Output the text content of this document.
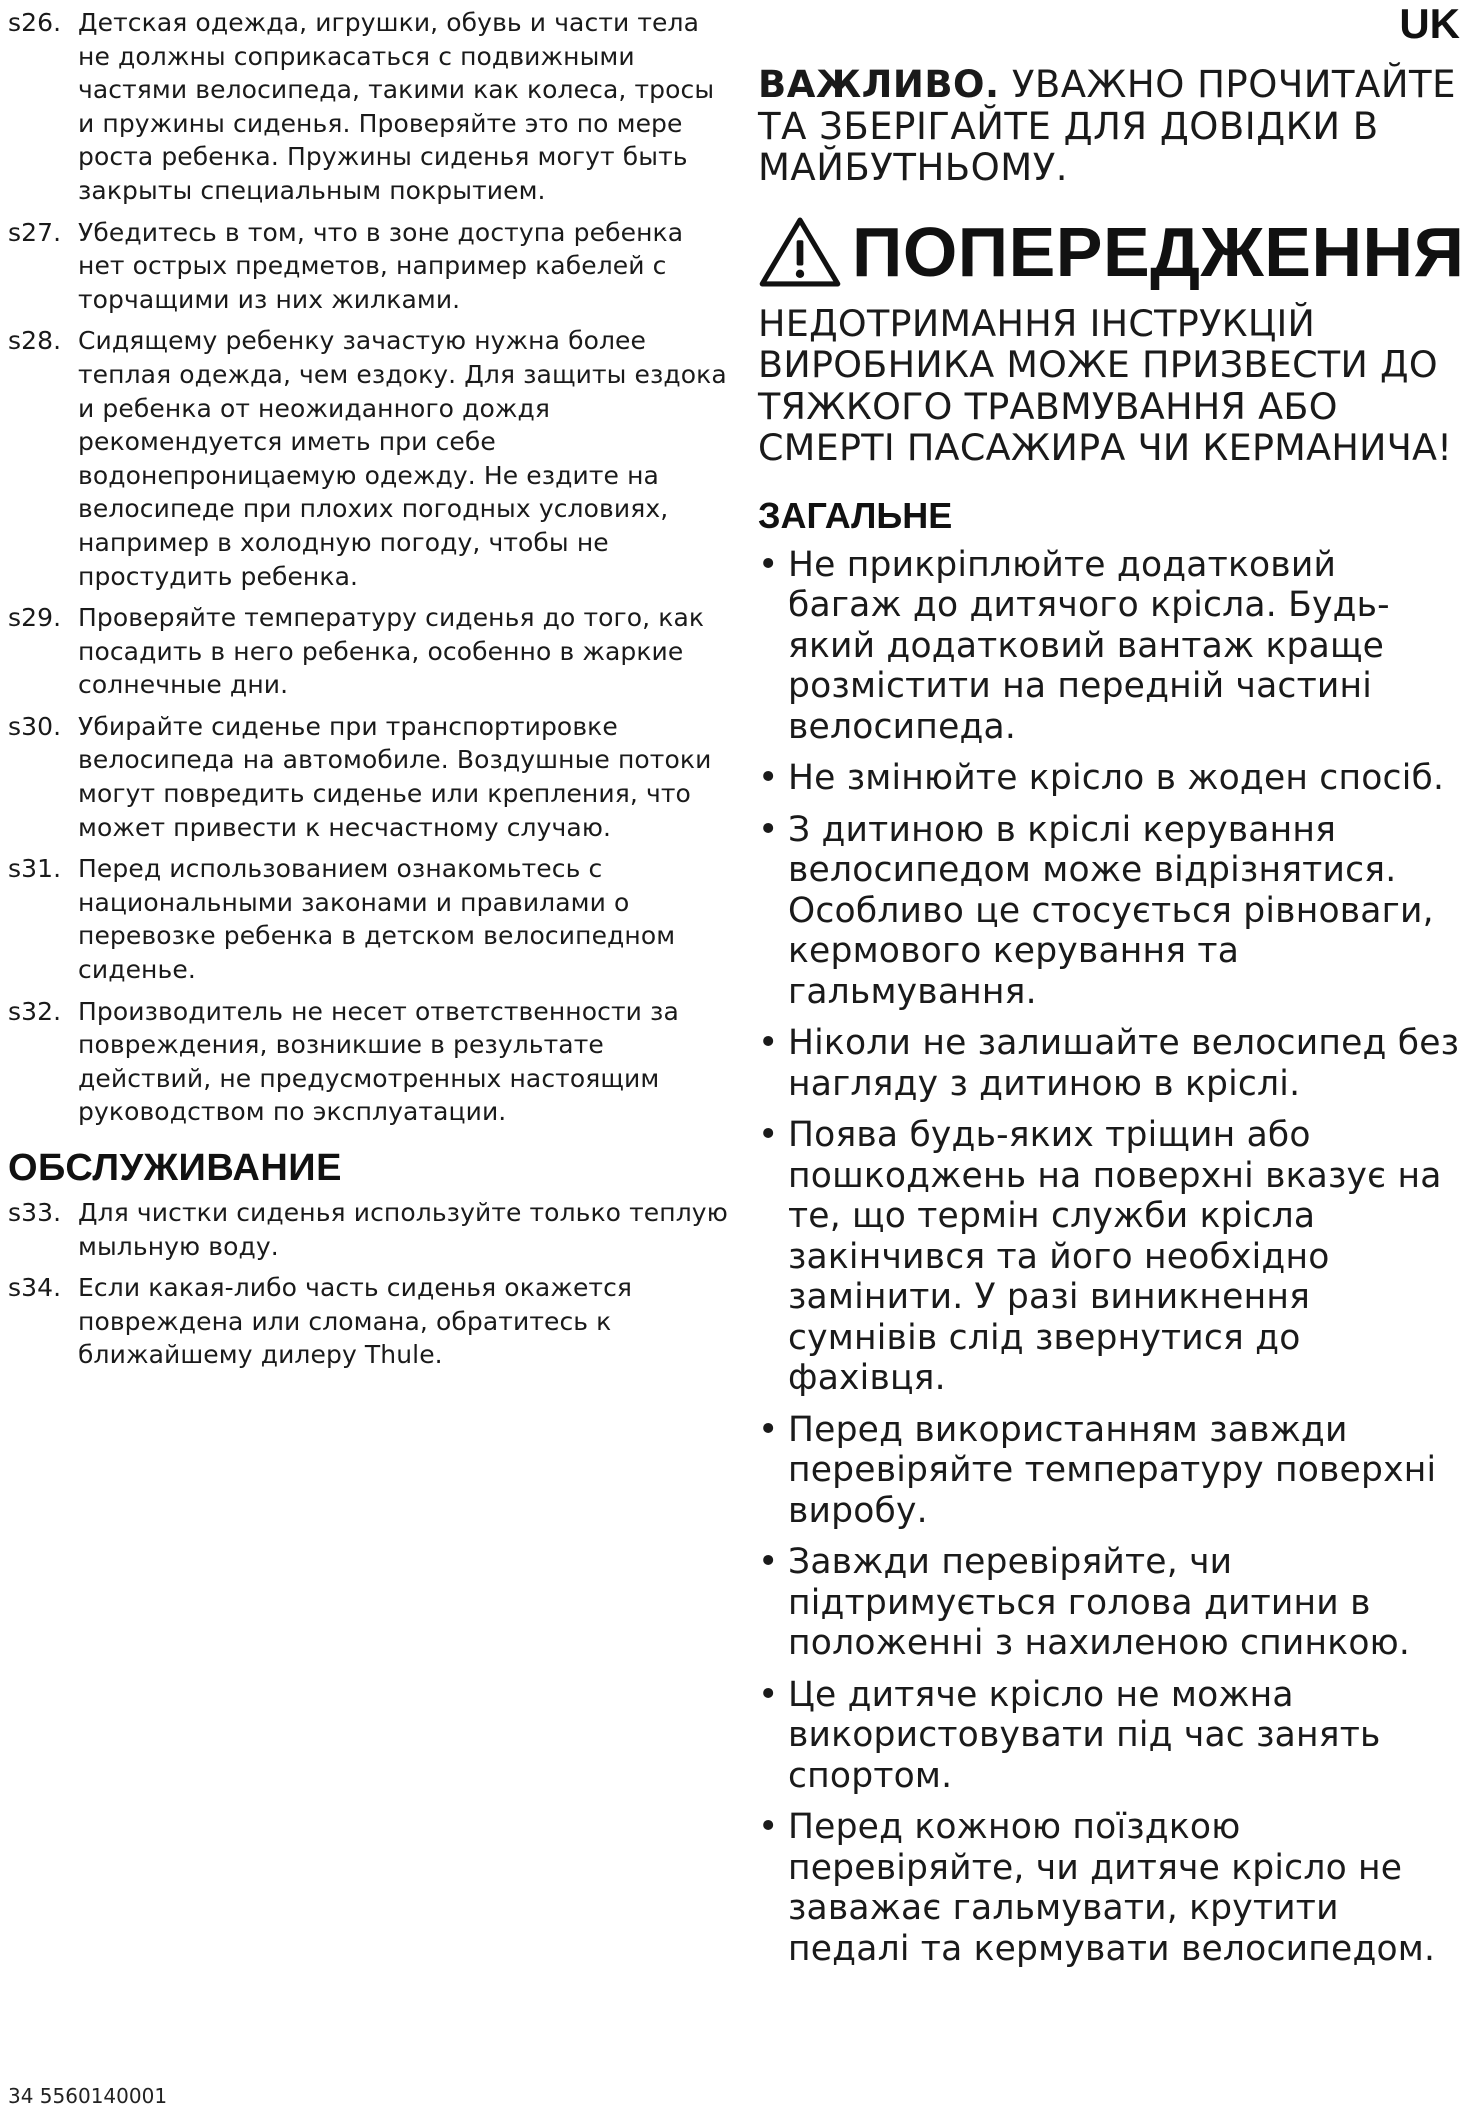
s26. Детская одежда, игрушки, обувь и части тела не должны соприкасаться с подвижными частями велосипеда, такими как колеса, тросы и пружины сиденья. Проверяйте это по мере роста ребенка. Пружины сиденья могут быть закрыты специальным покрытием.
s27. Убедитесь в том, что в зоне доступа ребенка нет острых предметов, например кабелей с торчащими из них жилками.
s28. Сидящему ребенку зачастую нужна более теплая одежда, чем ездоку. Для защиты ездока и ребенка от неожиданного дождя рекомендуется иметь при себе водонепроницаемую одежду. Не ездите на велосипеде при плохих погодных условиях, например в холодную погоду, чтобы не простудить ребенка.
s29. Проверяйте температуру сиденья до того, как посадить в него ребенка, особенно в жаркие солнечные дни.
s30. Убирайте сиденье при транспортировке велосипеда на автомобиле. Воздушные потоки могут повредить сиденье или крепления, что может привести к несчастному случаю.
s31. Перед использованием ознакомьтесь с национальными законами и правилами о перевозке ребенка в детском велосипедном сиденье.
s32. Производитель не несет ответственности за повреждения, возникшие в результате действий, не предусмотренных настоящим руководством по эксплуатации.
ОБСЛУЖИВАНИЕ
s33. Для чистки сиденья используйте только теплую мыльную воду.
s34. Если какая-либо часть сиденья окажется повреждена или сломана, обратитесь к ближайшему дилеру Thule.
UK
ВАЖЛИВО. УВАЖНО ПРОЧИТАЙТЕ ТА ЗБЕРІГАЙТЕ ДЛЯ ДОВІДКИ В МАЙБУТНЬОМУ.
ПОПЕРЕДЖЕННЯ
НЕДОТРИМАННЯ ІНСТРУКЦІЙ ВИРОБНИКА МОЖЕ ПРИЗВЕСТИ ДО ТЯЖКОГО ТРАВМУВАННЯ АБО СМЕРТІ ПАСАЖИРА ЧИ КЕРМАНИЧА!
ЗАГАЛЬНЕ
• Не прикріплюйте додатковий багаж до дитячого крісла. Будь-який додатковий вантаж краще розмістити на передній частині велосипеда.
• Не змінюйте крісло в жоден спосіб.
• З дитиною в кріслі керування велосипедом може відрізнятися. Особливо це стосується рівноваги, кермового керування та гальмування.
• Ніколи не залишайте велосипед без нагляду з дитиною в кріслі.
• Поява будь-яких тріщин або пошкоджень на поверхні вказує на те, що термін служби крісла закінчився та його необхідно замінити. У разі виникнення сумнівів слід звернутися до фахівця.
• Перед використанням завжди перевіряйте температуру поверхні виробу.
• Завжди перевіряйте, чи підтримується голова дитини в положенні з нахиленою спинкою.
• Це дитяче крісло не можна використовувати під час занять спортом.
• Перед кожною поїздкою перевіряйте, чи дитяче крісло не заважає гальмувати, крутити педалі та кермувати велосипедом.
34 5560140001
